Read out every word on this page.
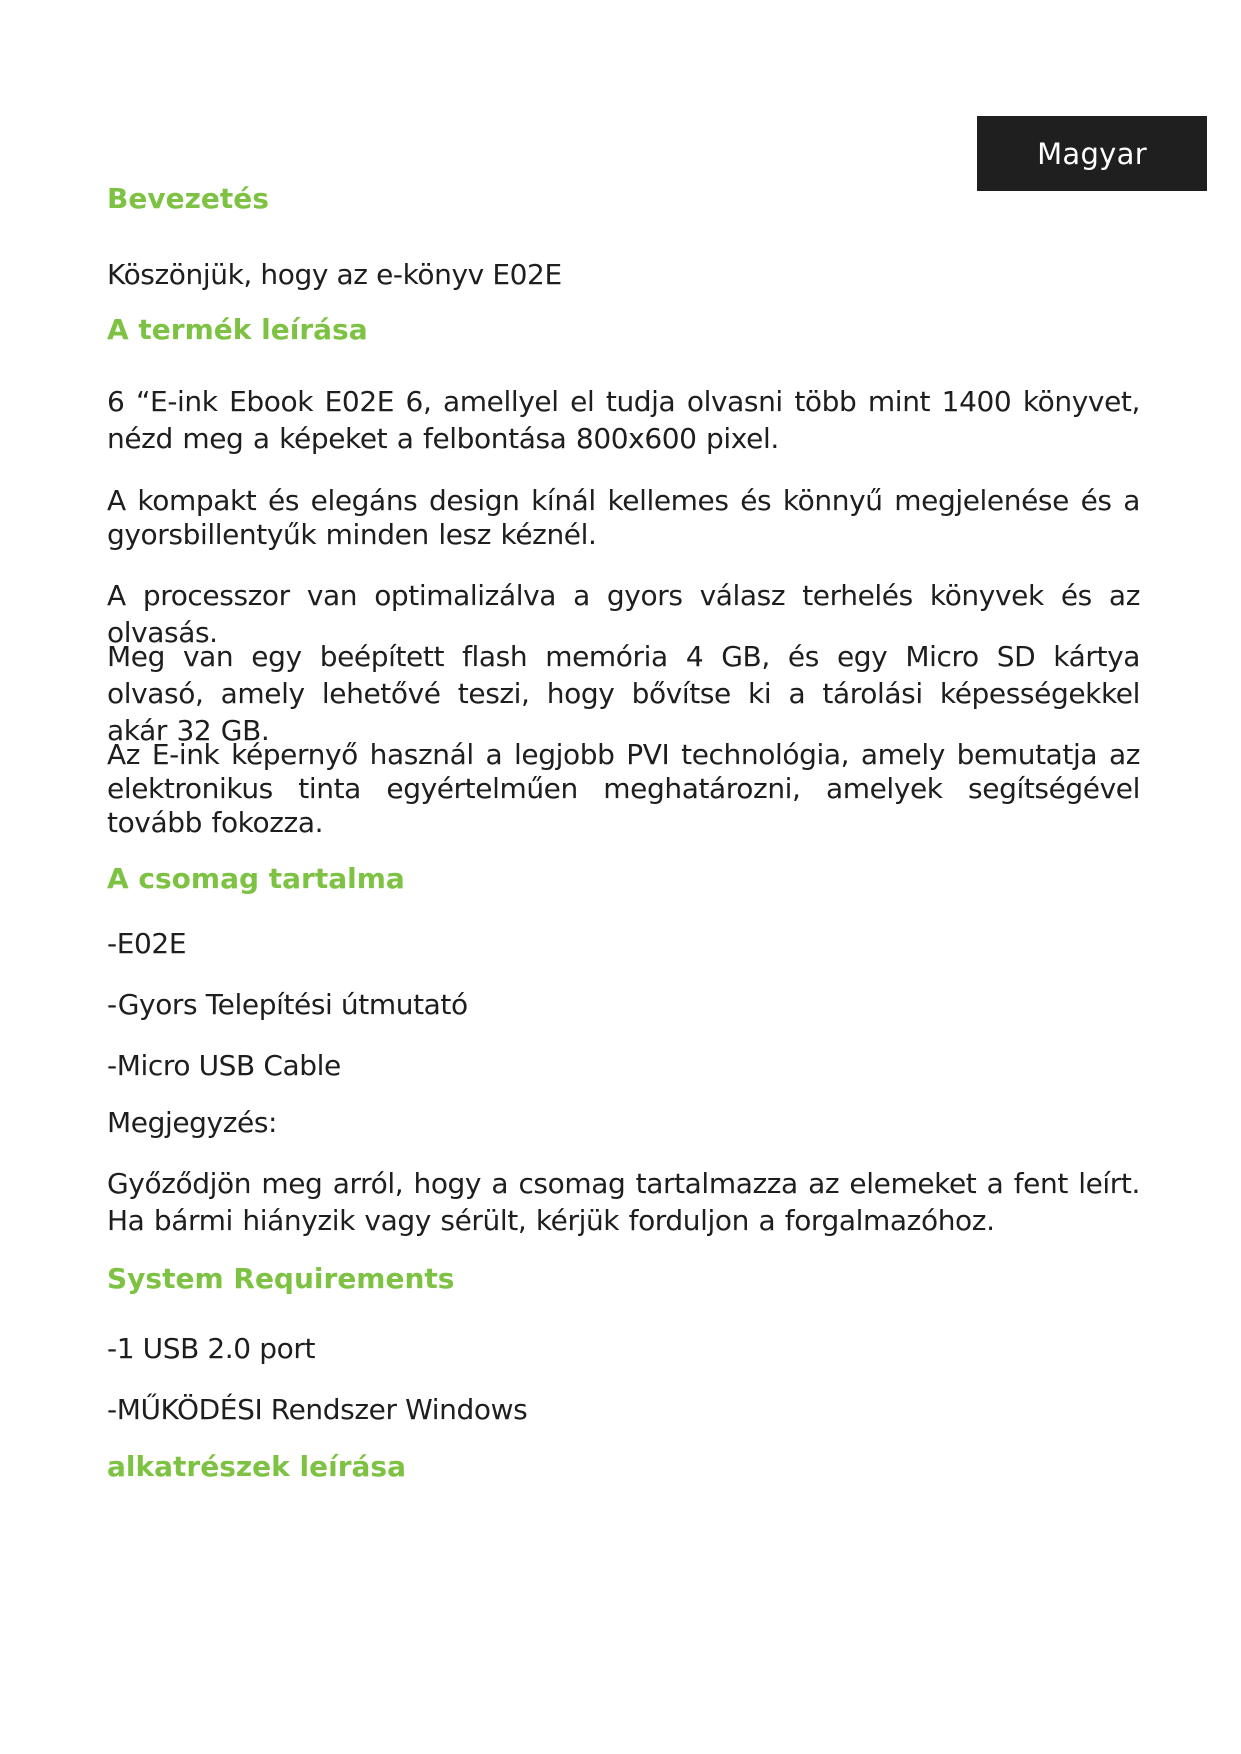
Magyar
Bevezetés

Köszönjük, hogy az e-könyv E02E

A termék leírása

6 “E-ink Ebook E02E 6, amellyel el tudja olvasni több mint 1400 könyvet, nézd meg a képeket a felbontása 800x600 pixel.

A kompakt és elegáns design kínál kellemes és könnyű megjelenése és a gyorsbillentyűk minden lesz kéznél.

A processzor van optimalizálva a gyors válasz terhelés könyvek és az olvasás.

Meg van egy beépített flash memória 4 GB, és egy Micro SD kártya olvasó, amely lehetővé teszi, hogy bővítse ki a tárolási képességekkel akár 32 GB.

Az E-ink képernyő használ a legjobb PVI technológia, amely bemutatja az elektronikus tinta egyértelműen meghatározni, amelyek segítségével tovább fokozza.

A csomag tartalma

-E02E

-Gyors Telepítési útmutató

-Micro USB Cable

Megjegyzés:

Győződjön meg arról, hogy a csomag tartalmazza az elemeket a fent leírt. Ha bármi hiányzik vagy sérült, kérjük forduljon a forgalmazóhoz.

System Requirements

-1 USB 2.0 port

-MŰKÖDÉSI Rendszer Windows

alkatrészek leírása
